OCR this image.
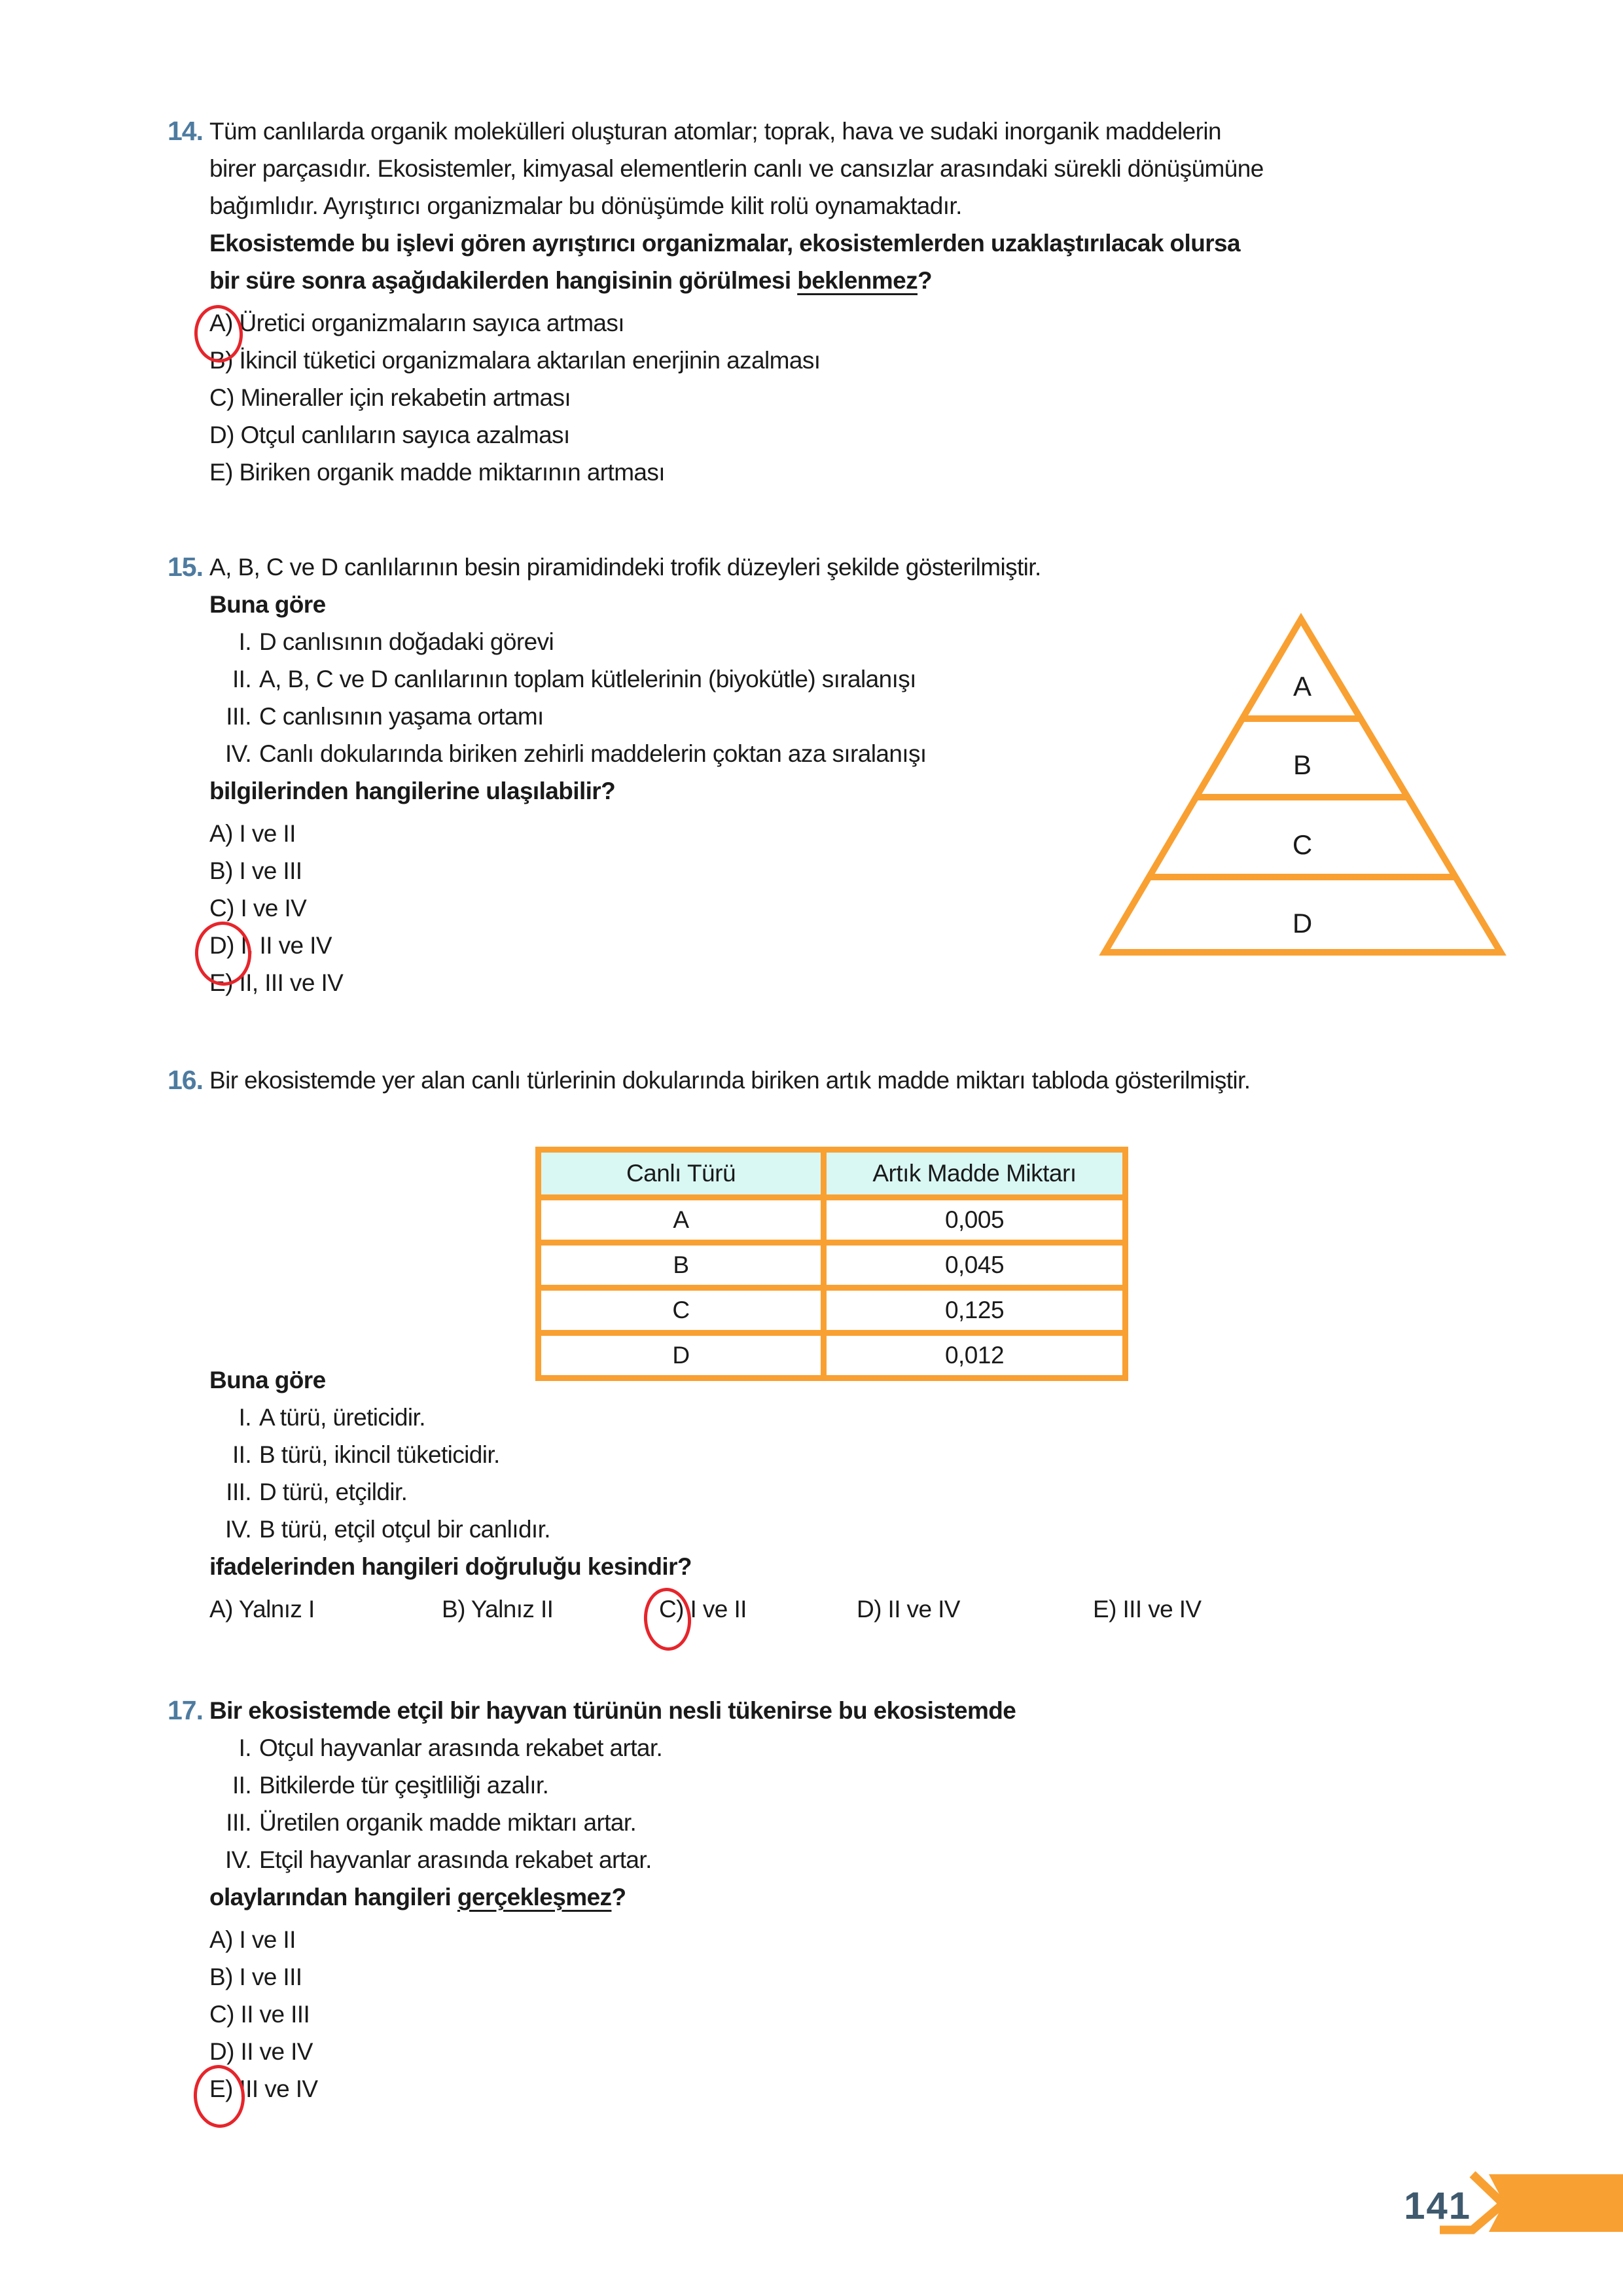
14. Tüm canlılarda organik molekülleri oluşturan atomlar; toprak, hava ve sudaki inorganik maddelerin
birer parçasıdır. Ekosistemler, kimyasal elementlerin canlı ve cansızlar arasındaki sürekli dönüşümüne
bağımlıdır. Ayrıştırıcı organizmalar bu dönüşümde kilit rolü oynamaktadır.
Ekosistemde bu işlevi gören ayrıştırıcı organizmalar, ekosistemlerden uzaklaştırılacak olursa
bir süre sonra aşağıdakilerden hangisinin görülmesi beklenmez?
A) Üretici organizmaların sayıca artması
B) İkincil tüketici organizmalara aktarılan enerjinin azalması
C) Mineraller için rekabetin artması
D) Otçul canlıların sayıca azalması
E) Biriken organik madde miktarının artması
15. A, B, C ve D canlılarının besin piramidindeki trofik düzeyleri şekilde gösterilmiştir.
Buna göre
I. D canlısının doğadaki görevi
II. A, B, C ve D canlılarının toplam kütlelerinin (biyokütle) sıralanışı
III. C canlısının yaşama ortamı
IV. Canlı dokularında biriken zehirli maddelerin çoktan aza sıralanışı
bilgilerinden hangilerine ulaşılabilir?
A) I ve II
B) I ve III
C) I ve IV
D) I, II ve IV
E) II, III ve IV
A
B
C
D
16. Bir ekosistemde yer alan canlı türlerinin dokularında biriken artık madde miktarı tabloda gösterilmiştir.
Canlı Türü	Artık Madde Miktarı
A	0,005
B	0,045
C	0,125
D	0,012
Buna göre
I. A türü, üreticidir.
II. B türü, ikincil tüketicidir.
III. D türü, etçildir.
IV. B türü, etçil otçul bir canlıdır.
ifadelerinden hangileri doğruluğu kesindir?
A) Yalnız I	B) Yalnız II	C) I ve II	D) II ve IV	E) III ve IV
17. Bir ekosistemde etçil bir hayvan türünün nesli tükenirse bu ekosistemde
I. Otçul hayvanlar arasında rekabet artar.
II. Bitkilerde tür çeşitliliği azalır.
III. Üretilen organik madde miktarı artar.
IV. Etçil hayvanlar arasında rekabet artar.
olaylarından hangileri gerçekleşmez?
A) I ve II
B) I ve III
C) II ve III
D) II ve IV
E) III ve IV
141
